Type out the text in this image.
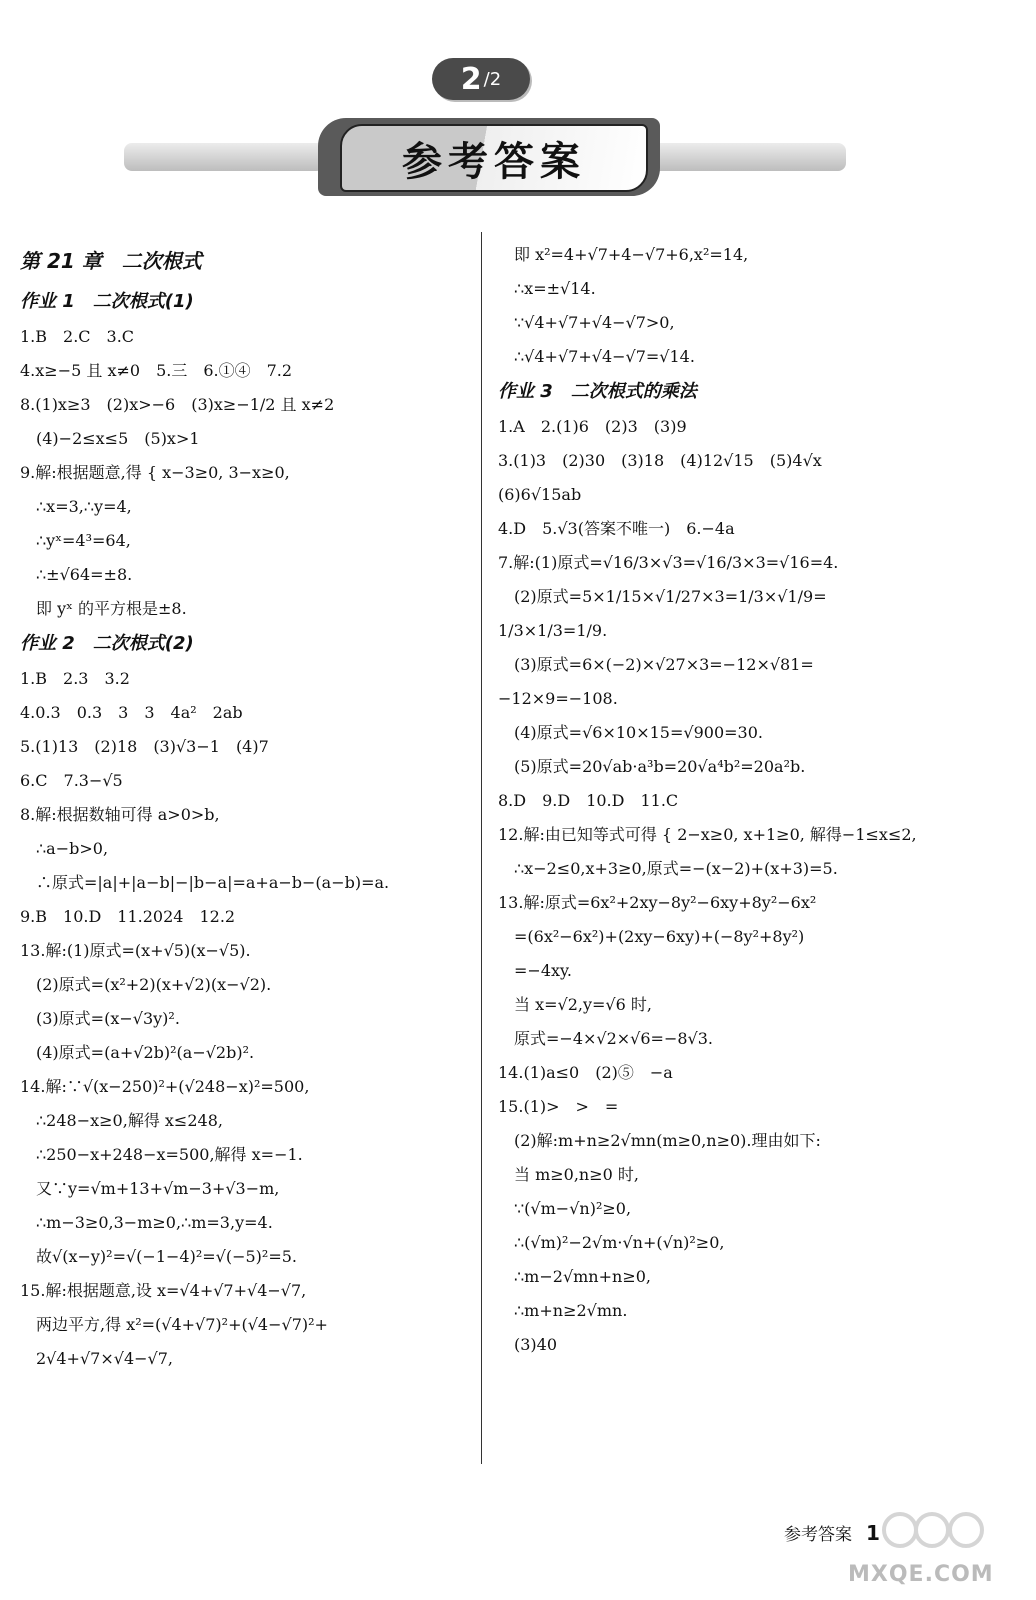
2 /2
参考答案
第 21 章　二次根式
作业 1　二次根式(1)
1.B　2.C　3.C
4.x≥−5 且 x≠0　5.三　6.①④　7.2
8.(1)x≥3　(2)x>−6　(3)x≥−1/2 且 x≠2
(4)−2≤x≤5　(5)x>1
9.解:根据题意,得 { x−3≥0, 3−x≥0,
∴x=3,∴y=4,
∴yˣ=4³=64,
∴±√64=±8.
即 yˣ 的平方根是±8.
作业 2　二次根式(2)
1.B　2.3　3.2
4.0.3　0.3　3　3　4a²　2ab
5.(1)13　(2)18　(3)√3−1　(4)7
6.C　7.3−√5
8.解:根据数轴可得 a>0>b,
∴a−b>0,
∴原式=|a|+|a−b|−|b−a|=a+a−b−(a−b)=a.
9.B　10.D　11.2024　12.2
13.解:(1)原式=(x+√5)(x−√5).
(2)原式=(x²+2)(x+√2)(x−√2).
(3)原式=(x−√3y)².
(4)原式=(a+√2b)²(a−√2b)².
14.解:∵√(x−250)²+(√248−x)²=500,
∴248−x≥0,解得 x≤248,
∴250−x+248−x=500,解得 x=−1.
又∵y=√m+13+√m−3+√3−m,
∴m−3≥0,3−m≥0,∴m=3,y=4.
故√(x−y)²=√(−1−4)²=√(−5)²=5.
15.解:根据题意,设 x=√4+√7+√4−√7,
两边平方,得 x²=(√4+√7)²+(√4−√7)²+
2√4+√7×√4−√7,
即 x²=4+√7+4−√7+6,x²=14,
∴x=±√14.
∵√4+√7+√4−√7>0,
∴√4+√7+√4−√7=√14.
作业 3　二次根式的乘法
1.A　2.(1)6　(2)3　(3)9
3.(1)3　(2)30　(3)18　(4)12√15　(5)4√x
(6)6√15ab
4.D　5.√3(答案不唯一)　6.−4a
7.解:(1)原式=√16/3×√3=√16/3×3=√16=4.
(2)原式=5×1/15×√1/27×3=1/3×√1/9=
1/3×1/3=1/9.
(3)原式=6×(−2)×√27×3=−12×√81=
−12×9=−108.
(4)原式=√6×10×15=√900=30.
(5)原式=20√ab·a³b=20√a⁴b²=20a²b.
8.D　9.D　10.D　11.C
12.解:由已知等式可得 { 2−x≥0, x+1≥0, 解得−1≤x≤2,
∴x−2≤0,x+3≥0,原式=−(x−2)+(x+3)=5.
13.解:原式=6x²+2xy−8y²−6xy+8y²−6x²
=(6x²−6x²)+(2xy−6xy)+(−8y²+8y²)
=−4xy.
当 x=√2,y=√6 时,
原式=−4×√2×√6=−8√3.
14.(1)a≤0　(2)⑤　−a
15.(1)>　>　=
(2)解:m+n≥2√mn(m≥0,n≥0).理由如下:
当 m≥0,n≥0 时,
∵(√m−√n)²≥0,
∴(√m)²−2√m·√n+(√n)²≥0,
∴m−2√mn+n≥0,
∴m+n≥2√mn.
(3)40
参考答案 1
MXQE.COM
